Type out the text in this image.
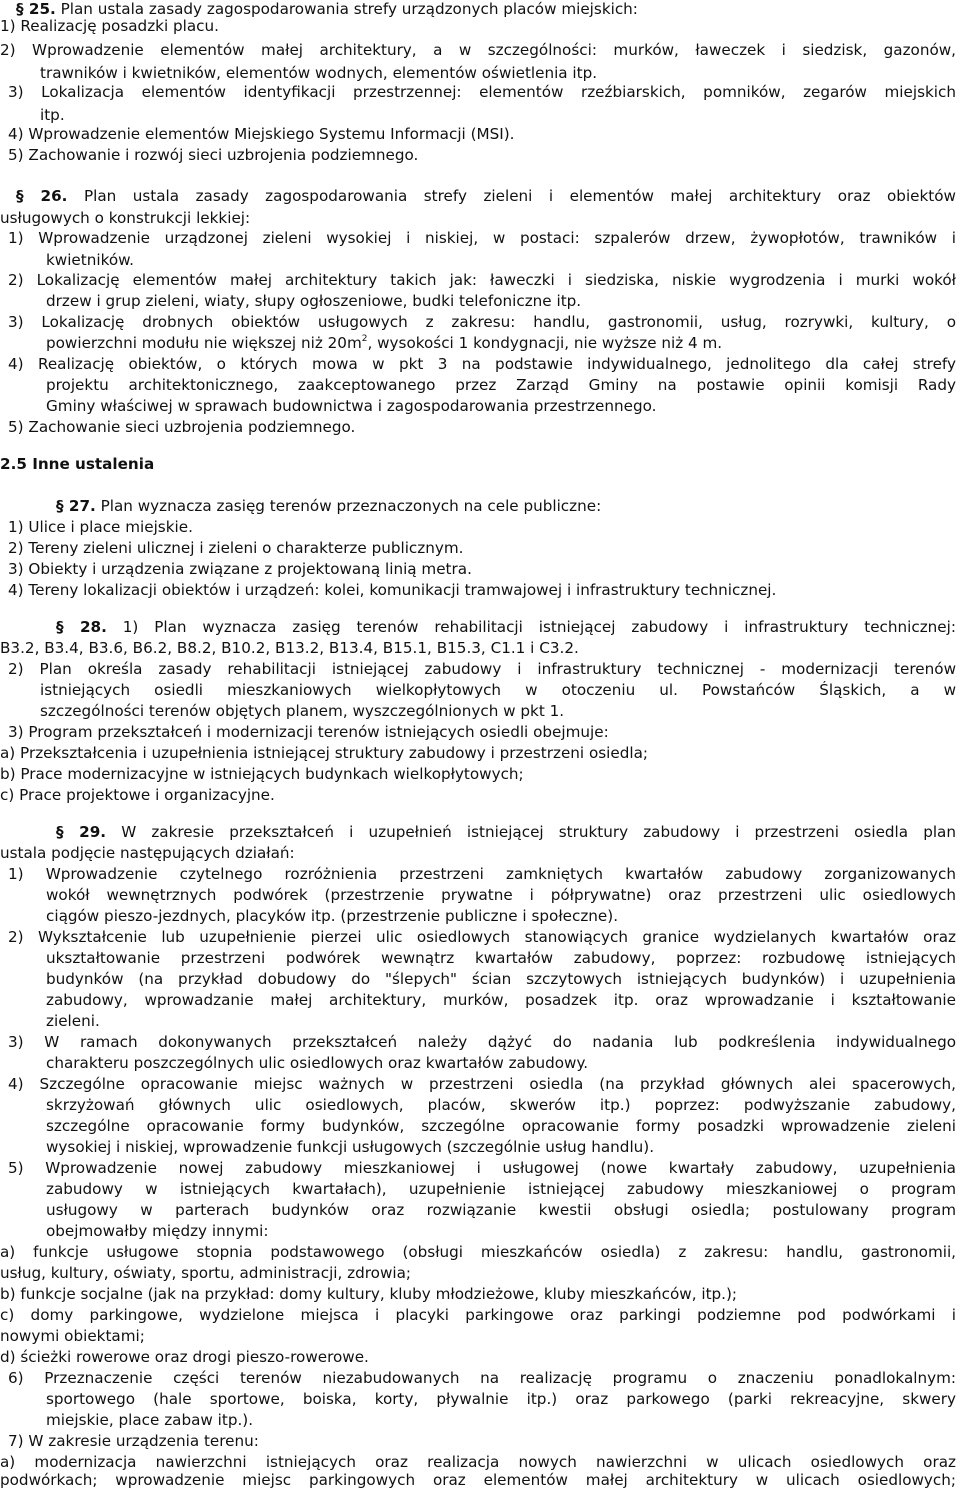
§ 25. Plan ustala zasady zagospodarowania strefy urządzonych placów miejskich:
1) Realizację posadzki placu.
2) Wprowadzenie elementów małej architektury, a w szczególności: murków, ławeczek i siedzisk, gazonów,
trawników i kwietników, elementów wodnych, elementów oświetlenia itp.
3) Lokalizacja elementów identyfikacji przestrzennej: elementów rzeźbiarskich, pomników, zegarów miejskich
itp.
4) Wprowadzenie elementów Miejskiego Systemu Informacji (MSI).
5) Zachowanie i rozwój sieci uzbrojenia podziemnego.
§ 26. Plan ustala zasady zagospodarowania strefy zieleni i elementów małej architektury oraz obiektów
usługowych o konstrukcji lekkiej:
1) Wprowadzenie urządzonej zieleni wysokiej i niskiej, w postaci: szpalerów drzew, żywopłotów, trawników i
kwietników.
2) Lokalizację elementów małej architektury takich jak: ławeczki i siedziska, niskie wygrodzenia i murki wokół
drzew i grup zieleni, wiaty, słupy ogłoszeniowe, budki telefoniczne itp.
3) Lokalizację drobnych obiektów usługowych z zakresu: handlu, gastronomii, usług, rozrywki, kultury, o
powierzchni modułu nie większej niż $20m^2$, wysokości 1 kondygnacji, nie wyższe niż 4 m.
4) Realizację obiektów, o których mowa w pkt 3 na podstawie indywidualnego, jednolitego dla całej strefy
projektu architektonicznego, zaakceptowanego przez Zarząd Gminy na postawie opinii komisji Rady
Gminy właściwej w sprawach budownictwa i zagospodarowania przestrzennego.
5) Zachowanie sieci uzbrojenia podziemnego.
2.5 Inne ustalenia
§ 27. Plan wyznacza zasięg terenów przeznaczonych na cele publiczne:
1) Ulice i place miejskie.
2) Tereny zieleni ulicznej i zieleni o charakterze publicznym.
3) Obiekty i urządzenia związane z projektowaną linią metra.
4) Tereny lokalizacji obiektów i urządzeń: kolei, komunikacji tramwajowej i infrastruktury technicznej.
§ 28. 1) Plan wyznacza zasięg terenów rehabilitacji istniejącej zabudowy i infrastruktury technicznej:
B3.2, B3.4, B3.6, B6.2, B8.2, B10.2, B13.2, B13.4, B15.1, B15.3, C1.1 i C3.2.
2) Plan określa zasady rehabilitacji istniejącej zabudowy i infrastruktury technicznej - modernizacji terenów
istniejących osiedli mieszkaniowych wielkopłytowych w otoczeniu ul. Powstańców Śląskich, a w
szczególności terenów objętych planem, wyszczególnionych w pkt 1.
3) Program przekształceń i modernizacji terenów istniejących osiedli obejmuje:
a) Przekształcenia i uzupełnienia istniejącej struktury zabudowy i przestrzeni osiedla;
b) Prace modernizacyjne w istniejących budynkach wielkopłytowych;
c) Prace projektowe i organizacyjne.
§ 29. W zakresie przekształceń i uzupełnień istniejącej struktury zabudowy i przestrzeni osiedla plan
ustala podjęcie następujących działań:
1) Wprowadzenie czytelnego rozróżnienia przestrzeni zamkniętych kwartałów zabudowy zorganizowanych
wokół wewnętrznych podwórek (przestrzenie prywatne i półprywatne) oraz przestrzeni ulic osiedlowych
ciągów pieszo-jezdnych, placyków itp. (przestrzenie publiczne i społeczne).
2) Wykształcenie lub uzupełnienie pierzei ulic osiedlowych stanowiących granice wydzielanych kwartałów oraz
ukształtowanie przestrzeni podwórek wewnątrz kwartałów zabudowy, poprzez: rozbudowę istniejących
budynków (na przykład dobudowy do "ślepych" ścian szczytowych istniejących budynków) i uzupełnienia
zabudowy, wprowadzanie małej architektury, murków, posadzek itp. oraz wprowadzanie i kształtowanie
zieleni.
3) W ramach dokonywanych przekształceń należy dążyć do nadania lub podkreślenia indywidualnego
charakteru poszczególnych ulic osiedlowych oraz kwartałów zabudowy.
4) Szczególne opracowanie miejsc ważnych w przestrzeni osiedla (na przykład głównych alei spacerowych,
skrzyżowań głównych ulic osiedlowych, placów, skwerów itp.) poprzez: podwyższanie zabudowy,
szczególne opracowanie formy budynków, szczególne opracowanie formy posadzki wprowadzenie zieleni
wysokiej i niskiej, wprowadzenie funkcji usługowych (szczególnie usług handlu).
5) Wprowadzenie nowej zabudowy mieszkaniowej i usługowej (nowe kwartały zabudowy, uzupełnienia
zabudowy w istniejących kwartałach), uzupełnienie istniejącej zabudowy mieszkaniowej o program
usługowy w parterach budynków oraz rozwiązanie kwestii obsługi osiedla; postulowany program
obejmowałby między innymi:
a) funkcje usługowe stopnia podstawowego (obsługi mieszkańców osiedla) z zakresu: handlu, gastronomii,
usług, kultury, oświaty, sportu, administracji, zdrowia;
b) funkcje socjalne (jak na przykład: domy kultury, kluby młodzieżowe, kluby mieszkańców, itp.);
c) domy parkingowe, wydzielone miejsca i placyki parkingowe oraz parkingi podziemne pod podwórkami i
nowymi obiektami;
d) ścieżki rowerowe oraz drogi pieszo-rowerowe.
6) Przeznaczenie części terenów niezabudowanych na realizację programu o znaczeniu ponadlokalnym:
sportowego (hale sportowe, boiska, korty, pływalnie itp.) oraz parkowego (parki rekreacyjne, skwery
miejskie, place zabaw itp.).
7) W zakresie urządzenia terenu:
a) modernizacja nawierzchni istniejących oraz realizacja nowych nawierzchni w ulicach osiedlowych oraz
podwórkach; wprowadzenie miejsc parkingowych oraz elementów małej architektury w ulicach osiedlowych;
